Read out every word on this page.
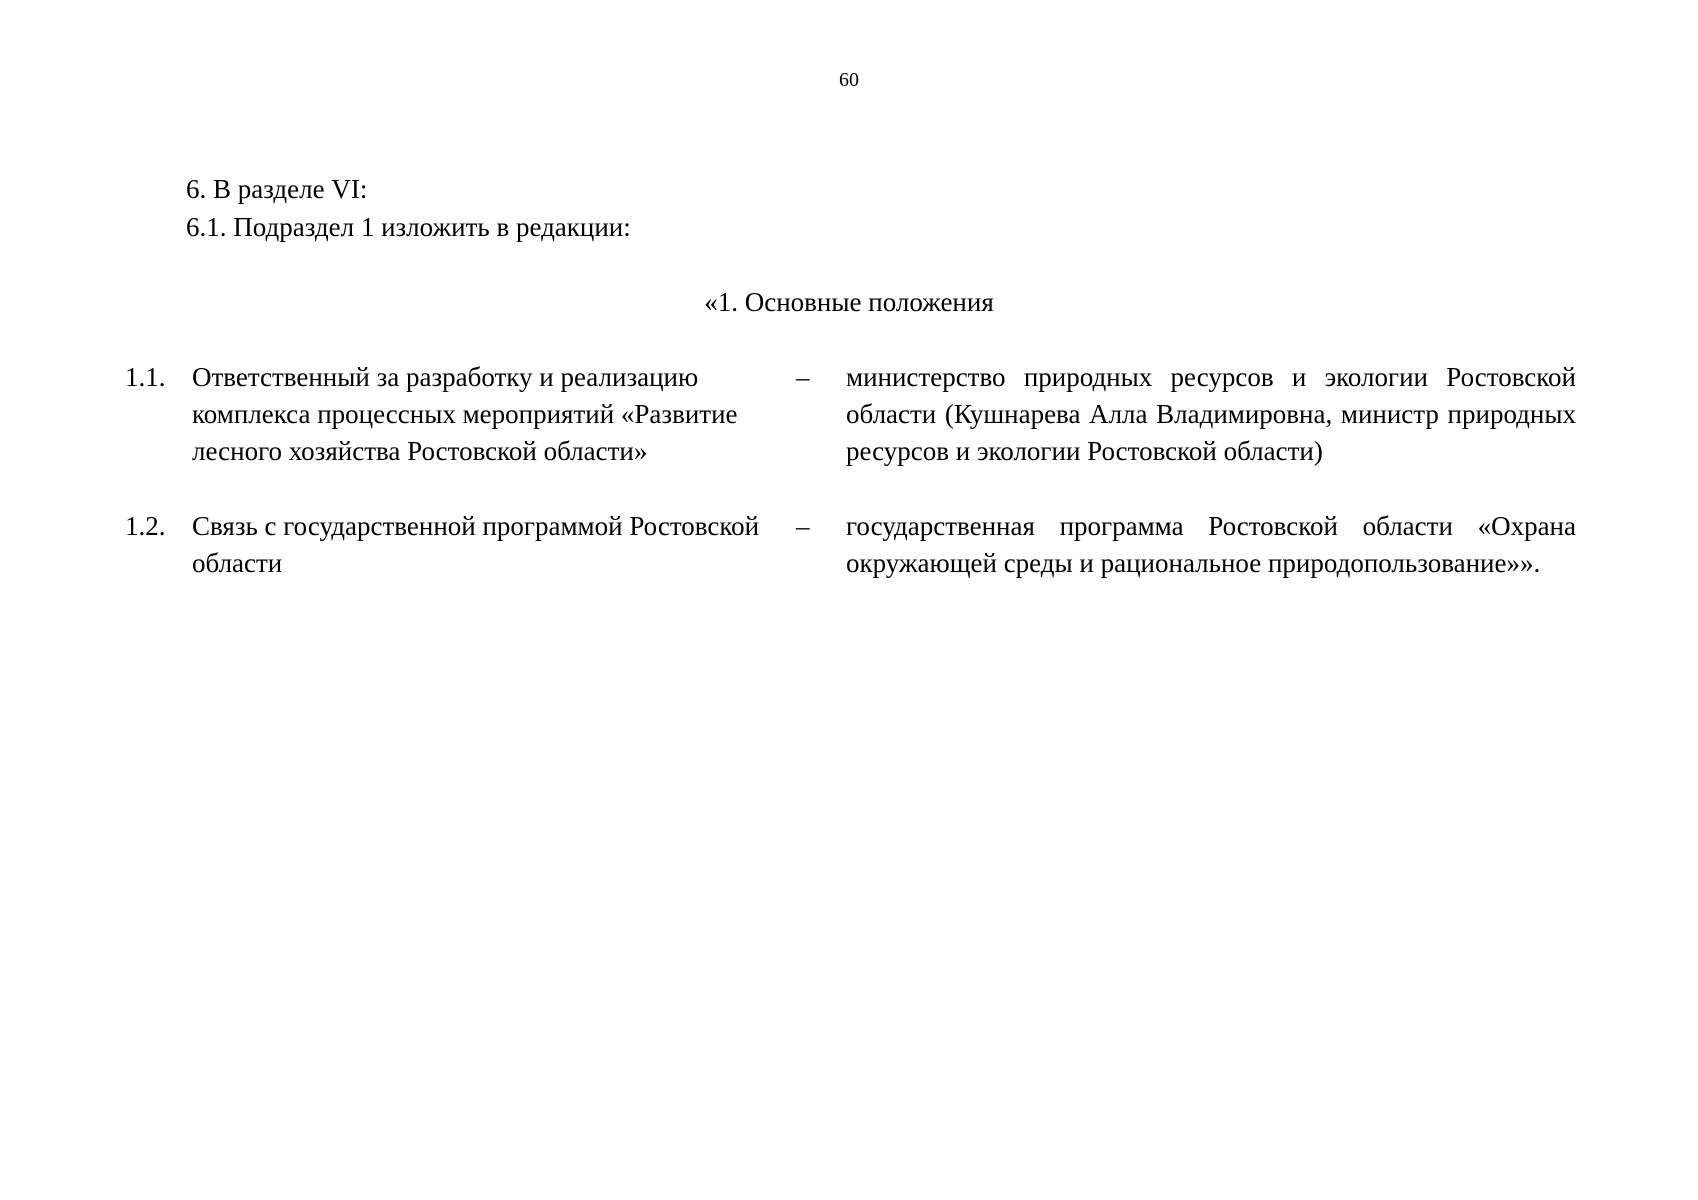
60
6. В разделе VI:
6.1. Подраздел 1 изложить в редакции:
«1. Основные положения
1.1. Ответственный за разработку и реализацию комплекса процессных мероприятий «Развитие лесного хозяйства Ростовской области»
– министерство природных ресурсов и экологии Ростовской области (Кушнарева Алла Владимировна, министр природных ресурсов и экологии Ростовской области)
1.2. Связь с государственной программой Ростовской области
– государственная программа Ростовской области «Охрана окружающей среды и рациональное природопользование»».
